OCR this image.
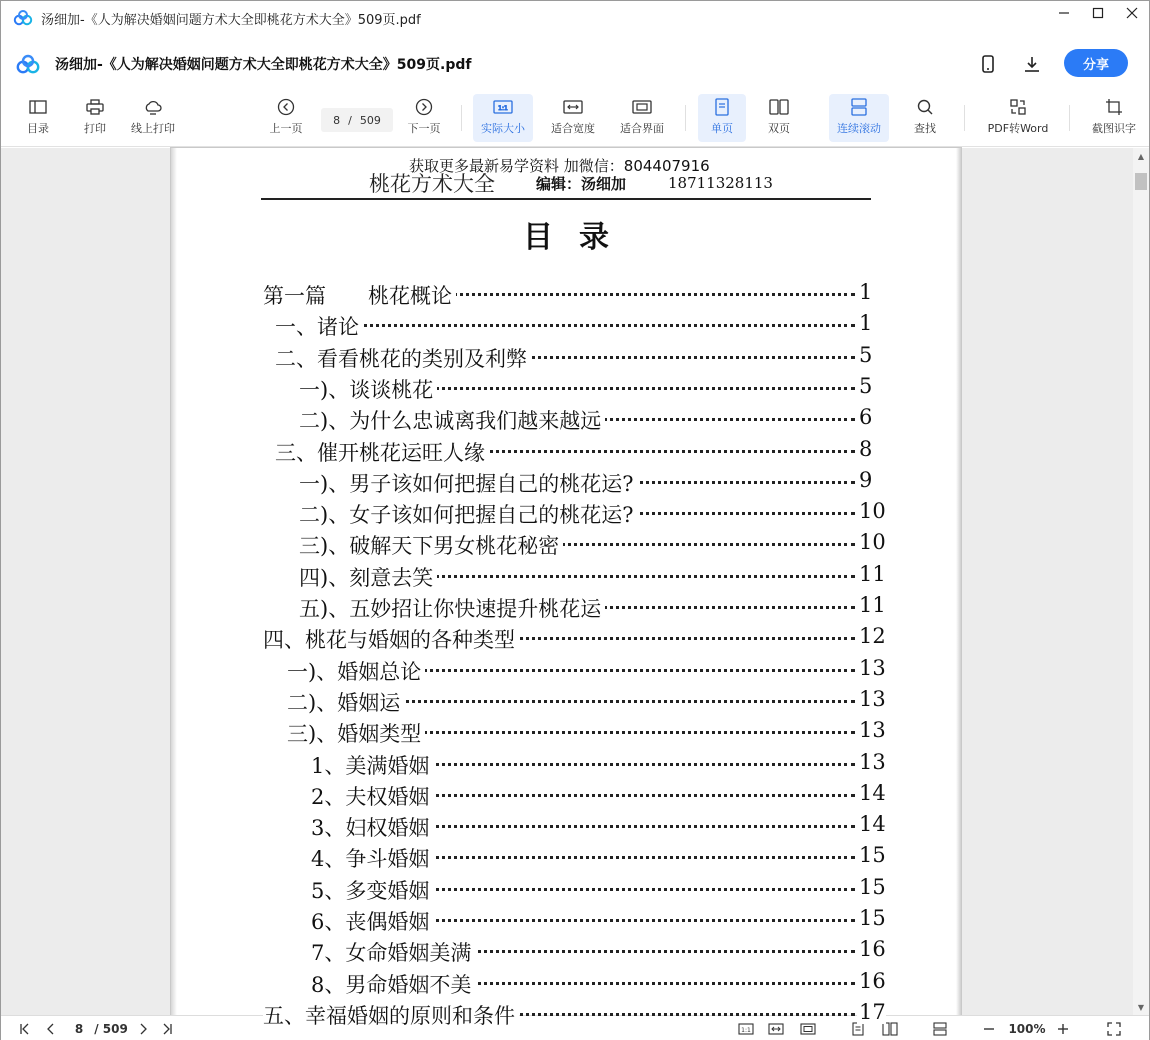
汤细加-《人为解决婚姻问题方术大全即桃花方术大全》509页.pdf
汤细加-《人为解决婚姻问题方术大全即桃花方术大全》509页.pdf	分享
目录	打印 线上打印	上一页
8 / 509
下一页
1:1
实际大小 适合宽度 适合界面	单页	双页	连续滚动	查找	PDF转Word	截图识字
桃花方术大全
获取更多最新易学资料 加微信：804407916
编辑：汤细加	18711328113
目录
第一篇　　桃花概论	1
一、诸论	1
二、看看桃花的类别及利弊	5
一)、谈谈桃花	5
二)、为什么忠诚离我们越来越远	6
三、催开桃花运旺人缘	8
一)、男子该如何把握自己的桃花运?	9
二)、女子该如何把握自己的桃花运?	10
三)、破解天下男女桃花秘密	10
四)、刻意去笑	11
五)、五妙招让你快速提升桃花运	11
四、桃花与婚姻的各种类型	12
一)、婚姻总论	13
二)、婚姻运	13
三)、婚姻类型	13
1、美满婚姻	13
2、夫权婚姻	14
3、妇权婚姻	14
4、争斗婚姻	15
5、多变婚姻	15
6、丧偶婚姻	15
7、女命婚姻美满	16
8、男命婚姻不美	16
五、幸福婚姻的原则和条件	17
▲
▼
8 / 509	1:1	100%
